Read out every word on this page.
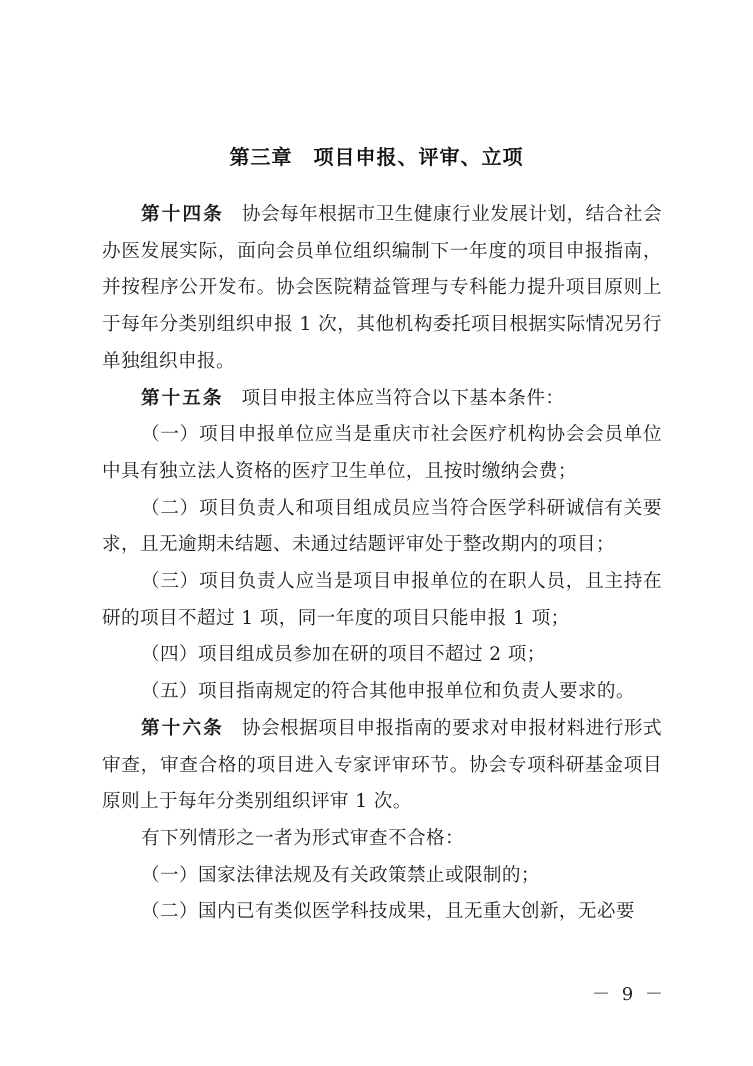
第三章　项目申报、评审、立项

第十四条 协会每年根据市卫生健康行业发展计划，结合社会办医发展实际，面向会员单位组织编制下一年度的项目申报指南，并按程序公开发布。协会医院精益管理与专科能力提升项目原则上于每年分类别组织申报 1 次，其他机构委托项目根据实际情况另行单独组织申报。

第十五条 项目申报主体应当符合以下基本条件：

（一）项目申报单位应当是重庆市社会医疗机构协会会员单位中具有独立法人资格的医疗卫生单位，且按时缴纳会费；

（二）项目负责人和项目组成员应当符合医学科研诚信有关要求，且无逾期未结题、未通过结题评审处于整改期内的项目；

（三）项目负责人应当是项目申报单位的在职人员，且主持在研的项目不超过 1 项，同一年度的项目只能申报 1 项；

（四）项目组成员参加在研的项目不超过 2 项；

（五）项目指南规定的符合其他申报单位和负责人要求的。

第十六条 协会根据项目申报指南的要求对申报材料进行形式审查，审查合格的项目进入专家评审环节。协会专项科研基金项目原则上于每年分类别组织评审 1 次。

有下列情形之一者为形式审查不合格：

（一）国家法律法规及有关政策禁止或限制的；

（二）国内已有类似医学科技成果，且无重大创新，无必要

－ 9 －
